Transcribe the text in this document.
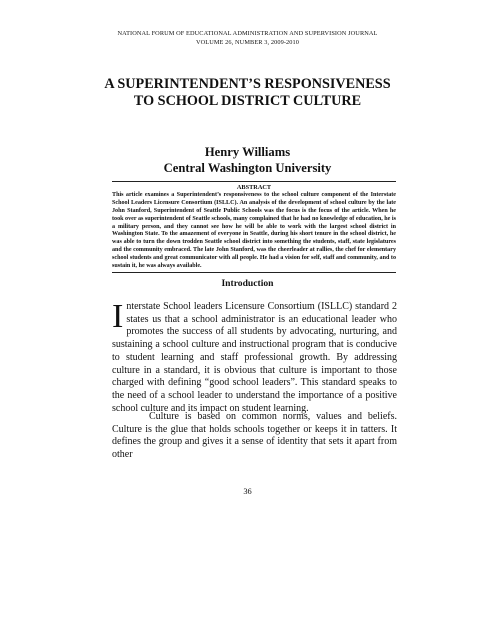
NATIONAL FORUM OF EDUCATIONAL ADMINISTRATION AND SUPERVISION JOURNAL
VOLUME 26, NUMBER 3, 2009-2010
A SUPERINTENDENT’S RESPONSIVENESS
TO SCHOOL DISTRICT CULTURE
Henry Williams
Central Washington University
ABSTRACT
This article examines a Superintendent’s responsiveness to the school culture component of the Interstate School Leaders Licensure Consortium (ISLLC). An analysis of the development of school culture by the late John Stanford, Superintendent of Seattle Public Schools was the focus is the focus of the article. When he took over as superintendent of Seattle schools, many complained that he had no knowledge of education, he is a military person, and they cannot see how he will be able to work with the largest school district in Washington State. To the amazement of everyone in Seattle, during his short tenure in the school district, he was able to turn the down trodden Seattle school district into something the students, staff, state legislatures and the community embraced. The late John Stanford, was the cheerleader at rallies, the chef for elementary school students and great communicator with all people. He had a vision for self, staff and community, and to sustain it, he was always available.
Introduction
Interstate School leaders Licensure Consortium (ISLLC) standard 2 states us that a school administrator is an educational leader who promotes the success of all students by advocating, nurturing, and sustaining a school culture and instructional program that is conducive to student learning and staff professional growth. By addressing culture in a standard, it is obvious that culture is important to those charged with defining “good school leaders”. This standard speaks to the need of a school leader to understand the importance of a positive school culture and its impact on student learning.
Culture is based on common norms, values and beliefs. Culture is the glue that holds schools together or keeps it in tatters. It defines the group and gives it a sense of identity that sets it apart from other
36
